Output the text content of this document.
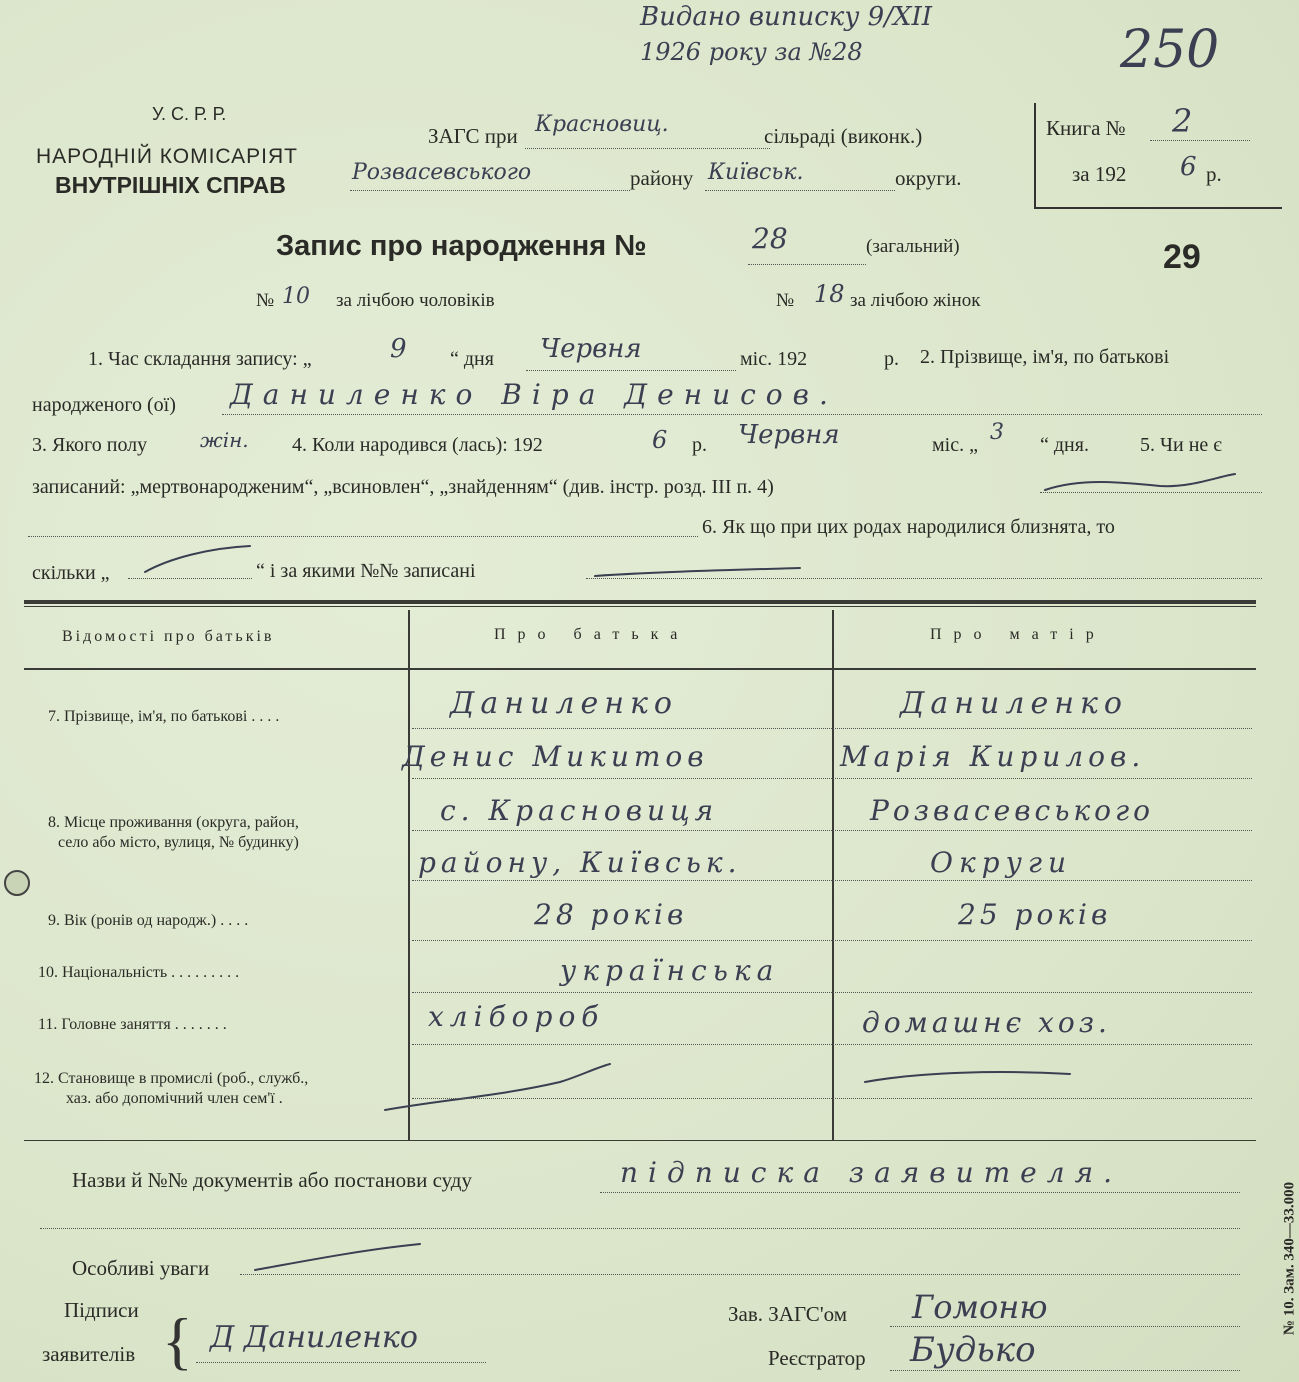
Видано виписку 9/XII
1926 року за №28	250
У. С. Р. Р.
НАРОДНІЙ КОМІСАРІЯТ
ВНУТРІШНІХ СПРАВ
ЗАГС при Красновиц.	сільраді (виконк.)
Розвасевського	району Київськ.	округи.
Книга № 2
за 192 6 р.
Запис про народження №	28	(загальний)	29
№ 10 за лічбою чоловіків	№ 18 за лічбою жінок
1. Час складання запису: „	9 “ дня Червня	міс. 192	р. 2. Прізвище, ім'я, по батькові
народженого (ої) Даниленко Віра Денисов.
3. Якого полу	жін. 4. Коли народився (лась): 192	6 р. Червня	міс. „ 3 “ дня.	5. Чи не є
записаний: „мертвонародженим“, „всиновлен“, „знайденням“ (див. інстр. розд. III п. 4)
6. Як що при цих родах народилися близнята, то
скільки „	“ і за якими №№ записані
Відомості про батьків	Про батька	Про матір
7. Прізвище, ім'я, по батькові . . . .	Даниленко	Даниленко
Денис Микитов	Марія Кирилов.
8. Місце проживання (округа, район,
село або місто, вулиця, № будинку)
с. Красновиця	Розвасевського
району, Київськ.	Округи
9. Вік (ронів од народж.) . . . .	28 років	25 років
10. Національність . . . . . . . . .	українська
11. Головне заняття . . . . . . .	хлібороб	домашнє хоз.
12. Становище в промислі (роб., служб.,
хаз. або допомічний член сем'ї .
Назви й №№ документів або постанови суду	підписка заявителя.
Особливі уваги
Підписи
заявителів { Д Даниленко
Зав. ЗАГС'ом Гомоню
Реєстратор Будько
№ 10. Зам. 340—33.000
